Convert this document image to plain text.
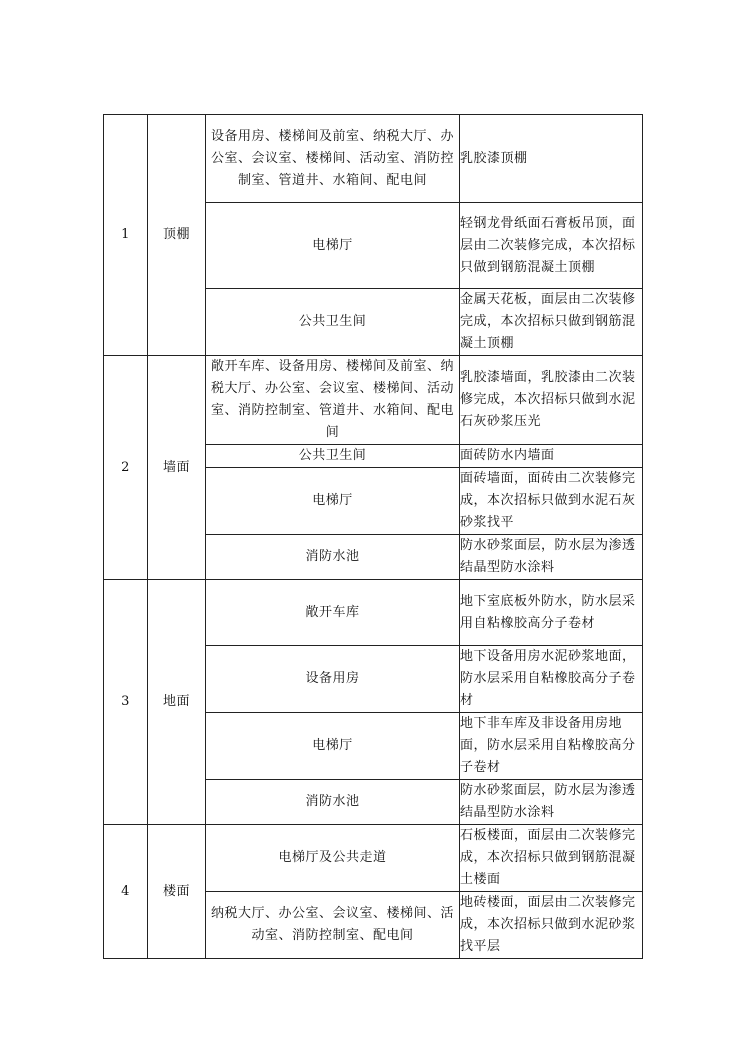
1	顶棚	设备用房、楼梯间及前室、纳税大厅、办公室、会议室、楼梯间、活动室、消防控制室、管道井、水箱间、配电间	乳胶漆顶棚
		电梯厅	轻钢龙骨纸面石膏板吊顶，面层由二次装修完成，本次招标只做到钢筋混凝土顶棚
		公共卫生间	金属天花板，面层由二次装修完成，本次招标只做到钢筋混凝土顶棚
2	墙面	敞开车库、设备用房、楼梯间及前室、纳税大厅、办公室、会议室、楼梯间、活动室、消防控制室、管道井、水箱间、配电间	乳胶漆墙面，乳胶漆由二次装修完成，本次招标只做到水泥石灰砂浆压光
		公共卫生间	面砖防水内墙面
		电梯厅	面砖墙面，面砖由二次装修完成，本次招标只做到水泥石灰砂浆找平
		消防水池	防水砂浆面层，防水层为渗透结晶型防水涂料
3	地面	敞开车库	地下室底板外防水，防水层采用自粘橡胶高分子卷材
		设备用房	地下设备用房水泥砂浆地面，防水层采用自粘橡胶高分子卷材
		电梯厅	地下非车库及非设备用房地面，防水层采用自粘橡胶高分子卷材
		消防水池	防水砂浆面层，防水层为渗透结晶型防水涂料
4	楼面	电梯厅及公共走道	石板楼面，面层由二次装修完成，本次招标只做到钢筋混凝土楼面
		纳税大厅、办公室、会议室、楼梯间、活动室、消防控制室、配电间	地砖楼面，面层由二次装修完成，本次招标只做到水泥砂浆找平层
